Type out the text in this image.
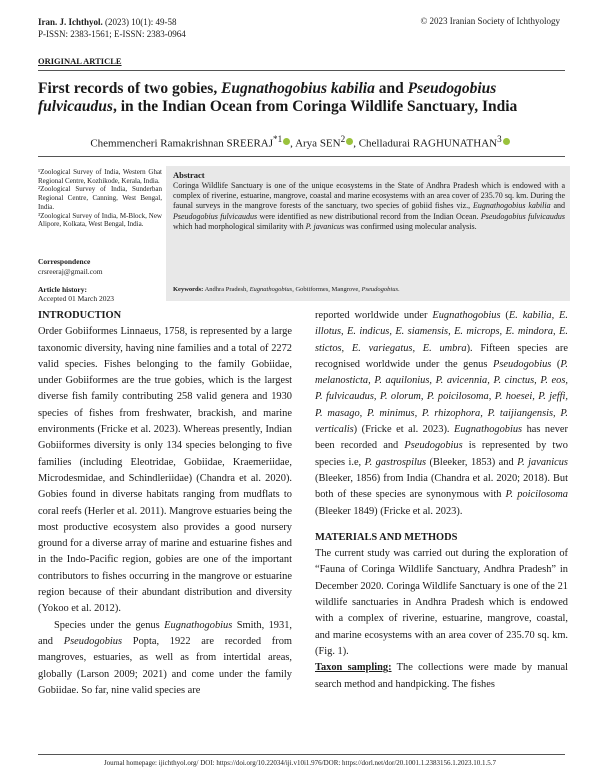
Iran. J. Ichthyol. (2023) 10(1): 49-58
P-ISSN: 2383-1561; E-ISSN: 2383-0964
© 2023 Iranian Society of Ichthyology
ORIGINAL ARTICLE
First records of two gobies, Eugnathogobius kabilia and Pseudogobius fulvicaudus, in the Indian Ocean from Coringa Wildlife Sanctuary, India
Chemmencheri Ramakrishnan SREERAJ$^{*1}$ , Arya SEN$^2$ , Chelladurai RAGHUNATHAN$^3$

¹Zoological Survey of India, Western Ghat Regional Centre, Kozhikode, Kerala, India.

²Zoological Survey of India, Sunderban Regional Centre, Canning, West Bengal, India.

³Zoological Survey of India, M-Block, New Alipore, Kolkata, West Bengal, India.

Correspondence
crsreeraj@gmail.com
Article history:
Accepted 01 March 2023
Abstract
Coringa Wildlife Sanctuary is one of the unique ecosystems in the State of Andhra Pradesh which is endowed with a complex of riverine, estuarine, mangrove, coastal and marine ecosystems with an area cover of 235.70 sq. km. During the faunal surveys in the mangrove forests of the sanctuary, two species of gobiid fishes viz., Eugnathogobius kabilia and Pseudogobius fulvicaudus were identified as new distributional record from the Indian Ocean. Pseudogobius fulvicaudus which had morphological similarity with P. javanicus was confirmed using molecular analysis.
Keywords: Andhra Pradesh, Eugnathogobius, Gobiiformes, Mangrove, Pseudogobius.
INTRODUCTION

Order Gobiiformes Linnaeus, 1758, is represented by a large taxonomic diversity, having nine families and a total of 2272 valid species. Fishes belonging to the family Gobiidae, under Gobiiformes are the true gobies, which is the largest diverse fish family contributing 258 valid genera and 1930 species of fishes from freshwater, brackish, and marine environments (Fricke et al. 2023). Whereas presently, Indian Gobiiformes diversity is only 134 species belonging to five families (including Eleotridae, Gobiidae, Kraemeriidae, Microdesmidae, and Schindleriidae) (Chandra et al. 2020). Gobies found in diverse habitats ranging from mudflats to coral reefs (Herler et al. 2011). Mangrove estuaries being the most productive ecosystem also provides a good nursery ground for a diverse array of marine and estuarine fishes and in the Indo-Pacific region, gobies are one of the important contributors to fishes occurring in the mangrove or estuarine region because of their abundant distribution and diversity (Yokoo et al. 2012).

Species under the genus Eugnathogobius Smith, 1931, and Pseudogobius Popta, 1922 are recorded from mangroves, estuaries, as well as from intertidal areas, globally (Larson 2009; 2021) and come under the family Gobiidae. So far, nine valid species are

reported worldwide under Eugnathogobius (E. kabilia, E. illotus, E. indicus, E. siamensis, E. microps, E. mindora, E. stictos, E. variegatus, E. umbra). Fifteen species are recognised worldwide under the genus Pseudogobius (P. melanosticta, P. aquilonius, P. avicennia, P. cinctus, P. eos, P. fulvicaudus, P. olorum, P. poicilosoma, P. hoesei, P. jeffi, P. masago, P. minimus, P. rhizophora, P. taijiangensis, P. verticalis) (Fricke et al. 2023). Eugnathogobius has never been recorded and Pseudogobius is represented by two species i.e, P. gastrospilus (Bleeker, 1853) and P. javanicus (Bleeker, 1856) from India (Chandra et al. 2020; 2018). But both of these species are synonymous with P. poicilosoma (Bleeker 1849) (Fricke et al. 2023).

MATERIALS AND METHODS

The current study was carried out during the exploration of “Fauna of Coringa Wildlife Sanctuary, Andhra Pradesh” in December 2020. Coringa Wildlife Sanctuary is one of the 21 wildlife sanctuaries in Andhra Pradesh which is endowed with a complex of riverine, estuarine, mangrove, coastal, and marine ecosystems with an area cover of 235.70 sq. km. (Fig. 1).

Taxon sampling: The collections were made by manual search method and handpicking. The fishes

Journal homepage: ijichthyol.org/ DOI: https://doi.org/10.22034/iji.v10i1.976/DOR: https://dorl.net/dor/20.1001.1.2383156.1.2023.10.1.5.7
